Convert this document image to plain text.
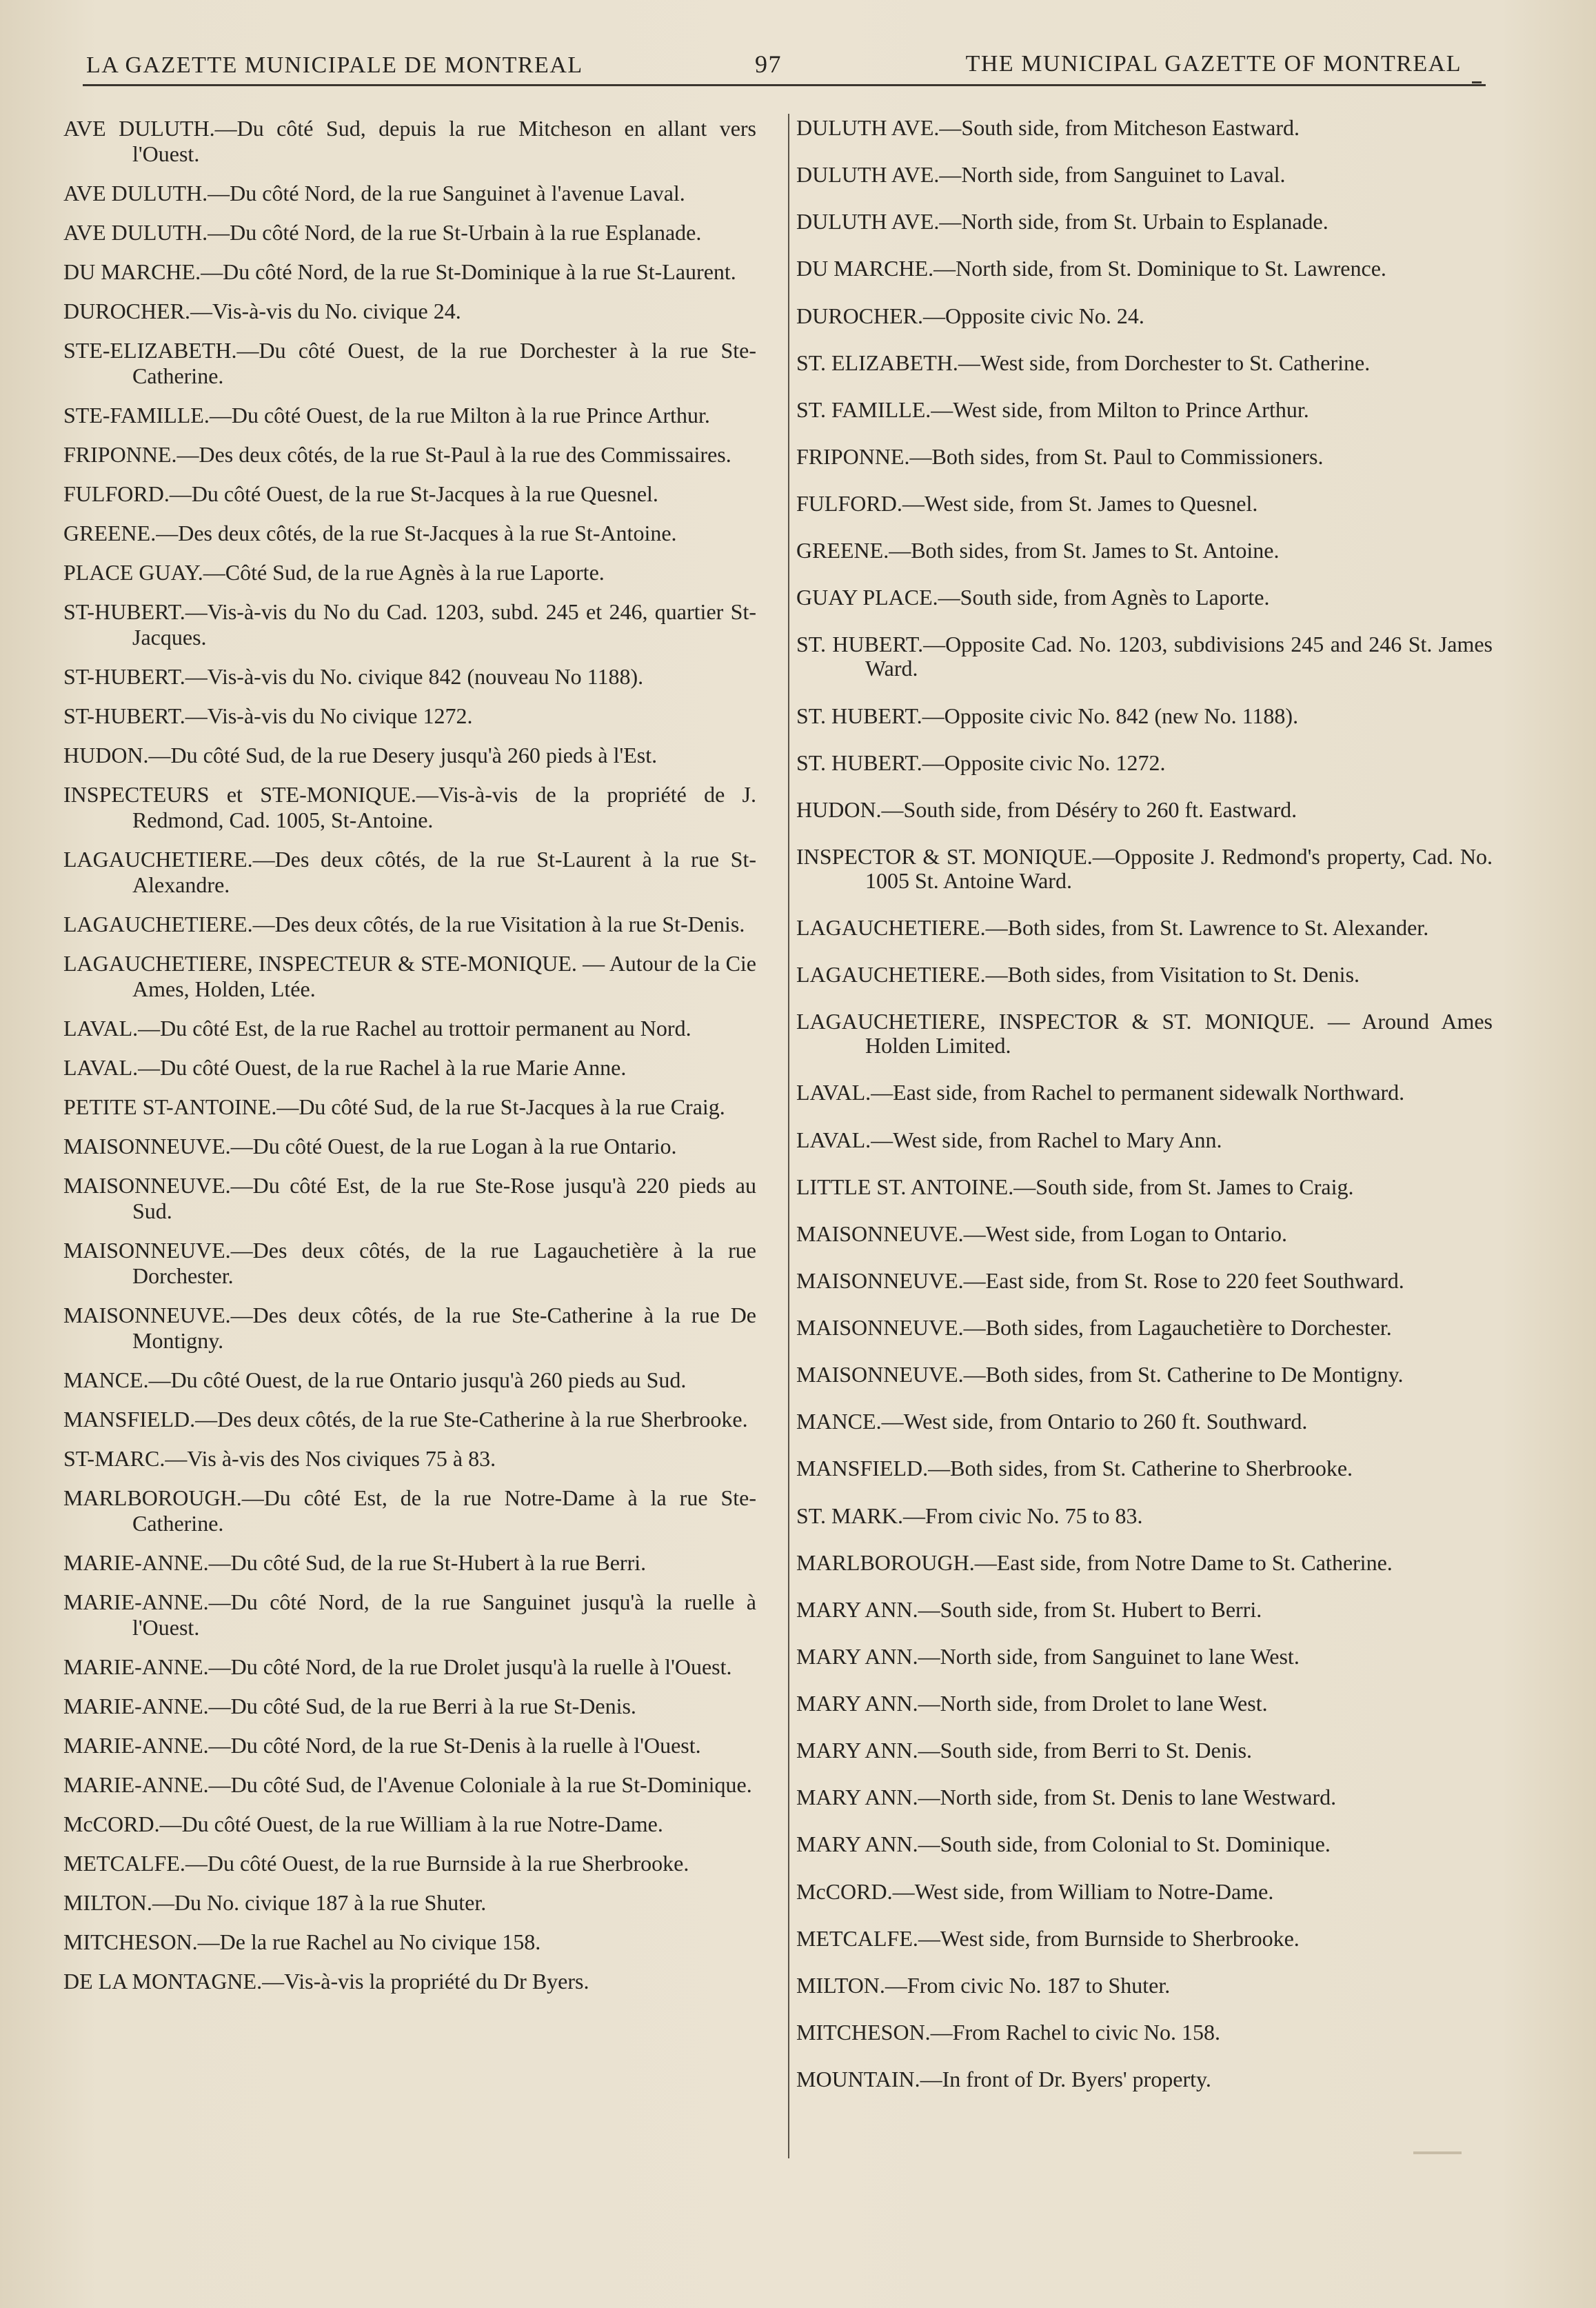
LA GAZETTE MUNICIPALE DE MONTREAL	97	THE MUNICIPAL GAZETTE OF MONTREAL
AVE DULUTH.—Du côté Sud, depuis la rue Mitcheson en allant vers l'Ouest.
AVE DULUTH.—Du côté Nord, de la rue Sanguinet à l'avenue Laval.
AVE DULUTH.—Du côté Nord, de la rue St-Urbain à la rue Esplanade.
DU MARCHE.—Du côté Nord, de la rue St-Dominique à la rue St-Laurent.
DUROCHER.—Vis-à-vis du No. civique 24.
STE-ELIZABETH.—Du côté Ouest, de la rue Dorchester à la rue Ste-Catherine.
STE-FAMILLE.—Du côté Ouest, de la rue Milton à la rue Prince Arthur.
FRIPONNE.—Des deux côtés, de la rue St-Paul à la rue des Commissaires.
FULFORD.—Du côté Ouest, de la rue St-Jacques à la rue Quesnel.
GREENE.—Des deux côtés, de la rue St-Jacques à la rue St-Antoine.
PLACE GUAY.—Côté Sud, de la rue Agnès à la rue Laporte.
ST-HUBERT.—Vis-à-vis du No du Cad. 1203, subd. 245 et 246, quartier St-Jacques.
ST-HUBERT.—Vis-à-vis du No. civique 842 (nouveau No 1188).
ST-HUBERT.—Vis-à-vis du No civique 1272.
HUDON.—Du côté Sud, de la rue Desery jusqu'à 260 pieds à l'Est.
INSPECTEURS et STE-MONIQUE.—Vis-à-vis de la propriété de J. Redmond, Cad. 1005, St-Antoine.
LAGAUCHETIERE.—Des deux côtés, de la rue St-Laurent à la rue St-Alexandre.
LAGAUCHETIERE.—Des deux côtés, de la rue Visitation à la rue St-Denis.
LAGAUCHETIERE, INSPECTEUR & STE-MONIQUE. — Autour de la Cie Ames, Holden, Ltée.
LAVAL.—Du côté Est, de la rue Rachel au trottoir permanent au Nord.
LAVAL.—Du côté Ouest, de la rue Rachel à la rue Marie Anne.
PETITE ST-ANTOINE.—Du côté Sud, de la rue St-Jacques à la rue Craig.
MAISONNEUVE.—Du côté Ouest, de la rue Logan à la rue Ontario.
MAISONNEUVE.—Du côté Est, de la rue Ste-Rose jusqu'à 220 pieds au Sud.
MAISONNEUVE.—Des deux côtés, de la rue Lagauchetière à la rue Dorchester.
MAISONNEUVE.—Des deux côtés, de la rue Ste-Catherine à la rue De Montigny.
MANCE.—Du côté Ouest, de la rue Ontario jusqu'à 260 pieds au Sud.
MANSFIELD.—Des deux côtés, de la rue Ste-Catherine à la rue Sherbrooke.
ST-MARC.—Vis à-vis des Nos civiques 75 à 83.
MARLBOROUGH.—Du côté Est, de la rue Notre-Dame à la rue Ste-Catherine.
MARIE-ANNE.—Du côté Sud, de la rue St-Hubert à la rue Berri.
MARIE-ANNE.—Du côté Nord, de la rue Sanguinet jusqu'à la ruelle à l'Ouest.
MARIE-ANNE.—Du côté Nord, de la rue Drolet jusqu'à la ruelle à l'Ouest.
MARIE-ANNE.—Du côté Sud, de la rue Berri à la rue St-Denis.
MARIE-ANNE.—Du côté Nord, de la rue St-Denis à la ruelle à l'Ouest.
MARIE-ANNE.—Du côté Sud, de l'Avenue Coloniale à la rue St-Dominique.
McCORD.—Du côté Ouest, de la rue William à la rue Notre-Dame.
METCALFE.—Du côté Ouest, de la rue Burnside à la rue Sherbrooke.
MILTON.—Du No. civique 187 à la rue Shuter.
MITCHESON.—De la rue Rachel au No civique 158.
DE LA MONTAGNE.—Vis-à-vis la propriété du Dr Byers.
DULUTH AVE.—South side, from Mitcheson Eastward.
DULUTH AVE.—North side, from Sanguinet to Laval.
DULUTH AVE.—North side, from St. Urbain to Esplanade.
DU MARCHE.—North side, from St. Dominique to St. Lawrence.
DUROCHER.—Opposite civic No. 24.
ST. ELIZABETH.—West side, from Dorchester to St. Catherine.
ST. FAMILLE.—West side, from Milton to Prince Arthur.
FRIPONNE.—Both sides, from St. Paul to Commissioners.
FULFORD.—West side, from St. James to Quesnel.
GREENE.—Both sides, from St. James to St. Antoine.
GUAY PLACE.—South side, from Agnès to Laporte.
ST. HUBERT.—Opposite Cad. No. 1203, subdivisions 245 and 246 St. James Ward.
ST. HUBERT.—Opposite civic No. 842 (new No. 1188).
ST. HUBERT.—Opposite civic No. 1272.
HUDON.—South side, from Déséry to 260 ft. Eastward.
INSPECTOR & ST. MONIQUE.—Opposite J. Redmond's property, Cad. No. 1005 St. Antoine Ward.
LAGAUCHETIERE.—Both sides, from St. Lawrence to St. Alexander.
LAGAUCHETIERE.—Both sides, from Visitation to St. Denis.
LAGAUCHETIERE, INSPECTOR & ST. MONIQUE. — Around Ames Holden Limited.
LAVAL.—East side, from Rachel to permanent sidewalk Northward.
LAVAL.—West side, from Rachel to Mary Ann.
LITTLE ST. ANTOINE.—South side, from St. James to Craig.
MAISONNEUVE.—West side, from Logan to Ontario.
MAISONNEUVE.—East side, from St. Rose to 220 feet Southward.
MAISONNEUVE.—Both sides, from Lagauchetière to Dorchester.
MAISONNEUVE.—Both sides, from St. Catherine to De Montigny.
MANCE.—West side, from Ontario to 260 ft. Southward.
MANSFIELD.—Both sides, from St. Catherine to Sherbrooke.
ST. MARK.—From civic No. 75 to 83.
MARLBOROUGH.—East side, from Notre Dame to St. Catherine.
MARY ANN.—South side, from St. Hubert to Berri.
MARY ANN.—North side, from Sanguinet to lane West.
MARY ANN.—North side, from Drolet to lane West.
MARY ANN.—South side, from Berri to St. Denis.
MARY ANN.—North side, from St. Denis to lane Westward.
MARY ANN.—South side, from Colonial to St. Dominique.
McCORD.—West side, from William to Notre-Dame.
METCALFE.—West side, from Burnside to Sherbrooke.
MILTON.—From civic No. 187 to Shuter.
MITCHESON.—From Rachel to civic No. 158.
MOUNTAIN.—In front of Dr. Byers' property.
